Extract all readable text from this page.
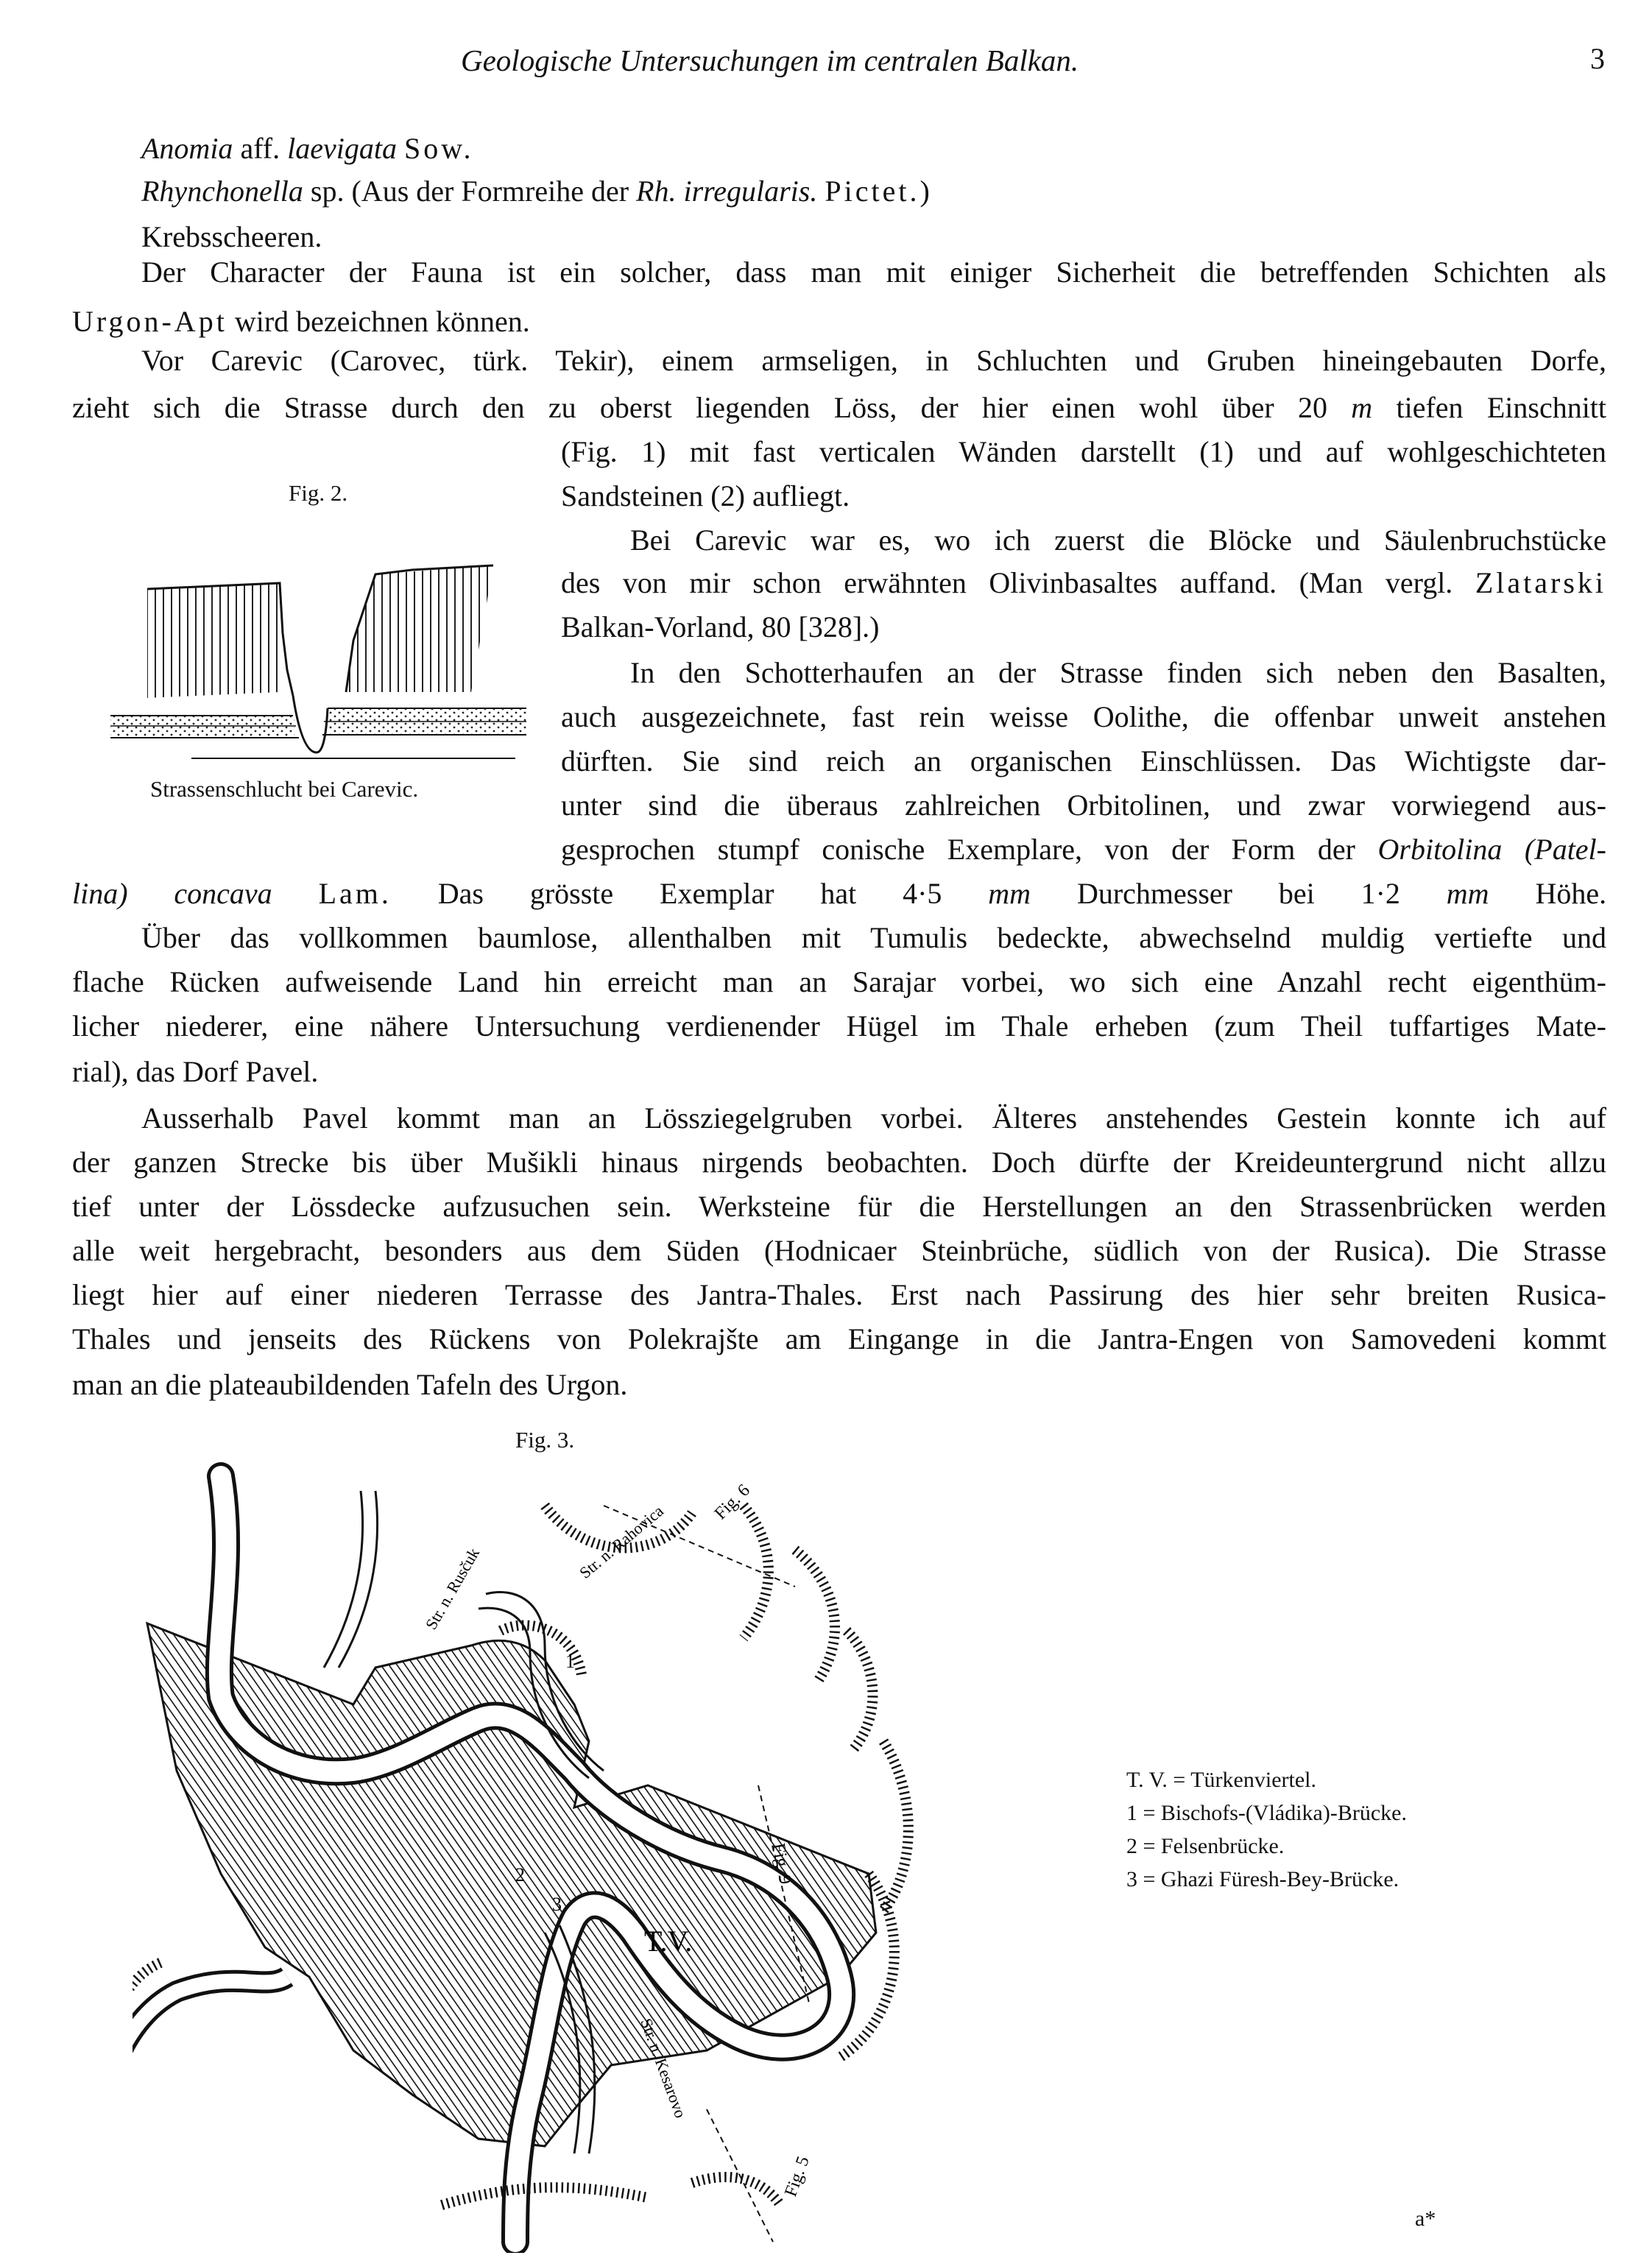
Geologische Untersuchungen im centralen Balkan.	3
Anomia aff. laevigata Sow.
Rhynchonella sp. (Aus der Formreihe der Rh. irregularis. Pictet.)
Krebsscheeren.
Der Character der Fauna ist ein solcher, dass man mit einiger Sicherheit die betreffenden Schichten als
Urgon-Apt wird bezeichnen können.
Vor Carevic (Carovec, türk. Tekir), einem armseligen, in Schluchten und Gruben hineingebauten Dorfe,
zieht sich die Strasse durch den zu oberst liegenden Löss, der hier einen wohl über 20 m tiefen Einschnitt
(Fig. 1) mit fast verticalen Wänden darstellt (1) und auf wohlgeschichteten
Sandsteinen (2) aufliegt.
Bei Carevic war es, wo ich zuerst die Blöcke und Säulenbruchstücke
des von mir schon erwähnten Olivinbasaltes auffand. (Man vergl. Zlatarski
Balkan-Vorland, 80 [328].)
In den Schotterhaufen an der Strasse finden sich neben den Basalten,
auch ausgezeichnete, fast rein weisse Oolithe, die offenbar unweit anstehen
dürften. Sie sind reich an organischen Einschlüssen. Das Wichtigste dar-
unter sind die überaus zahlreichen Orbitolinen, und zwar vorwiegend aus-
gesprochen stumpf conische Exemplare, von der Form der Orbitolina (Patel-
lina) concava Lam. Das grösste Exemplar hat 4·5 mm Durchmesser bei 1·2 mm Höhe.
Über das vollkommen baumlose, allenthalben mit Tumulis bedeckte, abwechselnd muldig vertiefte und
flache Rücken aufweisende Land hin erreicht man an Sarajar vorbei, wo sich eine Anzahl recht eigenthüm-
licher niederer, eine nähere Untersuchung verdienender Hügel im Thale erheben (zum Theil tuffartiges Mate-
rial), das Dorf Pavel.
Ausserhalb Pavel kommt man an Lössziegelgruben vorbei. Älteres anstehendes Gestein konnte ich auf
der ganzen Strecke bis über Mušikli hinaus nirgends beobachten. Doch dürfte der Kreideuntergrund nicht allzu
tief unter der Lössdecke aufzusuchen sein. Werksteine für die Herstellungen an den Strassenbrücken werden
alle weit hergebracht, besonders aus dem Süden (Hodnicaer Steinbrüche, südlich von der Rusica). Die Strasse
liegt hier auf einer niederen Terrasse des Jantra-Thales. Erst nach Passirung des hier sehr breiten Rusica-
Thales und jenseits des Rückens von Polekrajšte am Eingange in die Jantra-Engen von Samovedeni kommt
man an die plateaubildenden Tafeln des Urgon.
Fig. 2.
Strassenschlucht bei Carevic.
Fig. 3.
Str. n. Rusčuk
Str. n. Rahovica
Str. n. Kesarovo
Fig. 6
Fig. 9
Fig. 5
T.V.
1
2
3
T. V. = Türkenviertel.
1 = Bischofs-(Vládika)-Brücke.
2 = Felsenbrücke.
3 = Ghazi Füresh-Bey-Brücke.
a*
